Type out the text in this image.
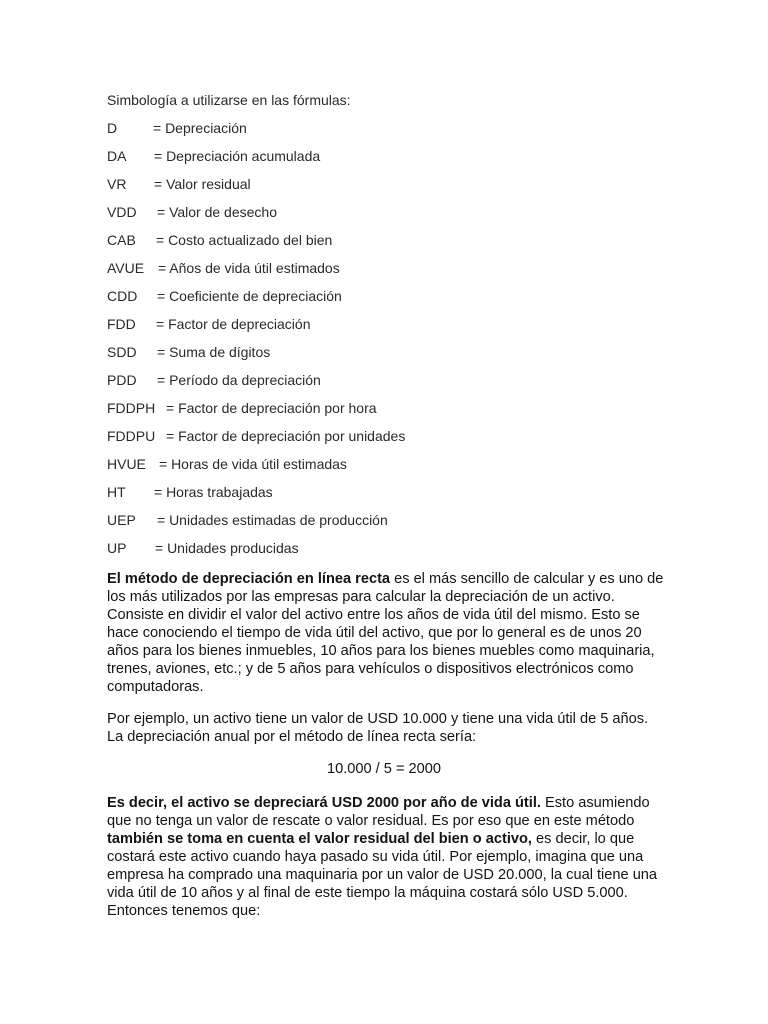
Simbología a utilizarse en las fórmulas:
D	= Depreciación
DA = Depreciación acumulada
VR = Valor residual
VDD = Valor de desecho
CAB = Costo actualizado del bien
AVUE = Años de vida útil estimados
CDD = Coeficiente de depreciación
FDD = Factor de depreciación
SDD = Suma de dígitos
PDD = Período da depreciación
FDDPH = Factor de depreciación por hora
FDDPU = Factor de depreciación por unidades
HVUE = Horas de vida útil estimadas
HT = Horas trabajadas
UEP = Unidades estimadas de producción
UP = Unidades producidas

El método de depreciación en línea recta es el más sencillo de calcular y es uno de los más utilizados por las empresas para calcular la depreciación de un activo. Consiste en dividir el valor del activo entre los años de vida útil del mismo. Esto se hace conociendo el tiempo de vida útil del activo, que por lo general es de unos 20 años para los bienes inmuebles, 10 años para los bienes muebles como maquinaria, trenes, aviones, etc.; y de 5 años para vehículos o dispositivos electrónicos como computadoras.

Por ejemplo, un activo tiene un valor de USD 10.000 y tiene una vida útil de 5 años. La depreciación anual por el método de línea recta sería:

10.000 / 5 = 2000

Es decir, el activo se depreciará USD 2000 por año de vida útil. Esto asumiendo que no tenga un valor de rescate o valor residual. Es por eso que en este método también se toma en cuenta el valor residual del bien o activo, es decir, lo que costará este activo cuando haya pasado su vida útil. Por ejemplo, imagina que una empresa ha comprado una maquinaria por un valor de USD 20.000, la cual tiene una vida útil de 10 años y al final de este tiempo la máquina costará sólo USD 5.000. Entonces tenemos que:
